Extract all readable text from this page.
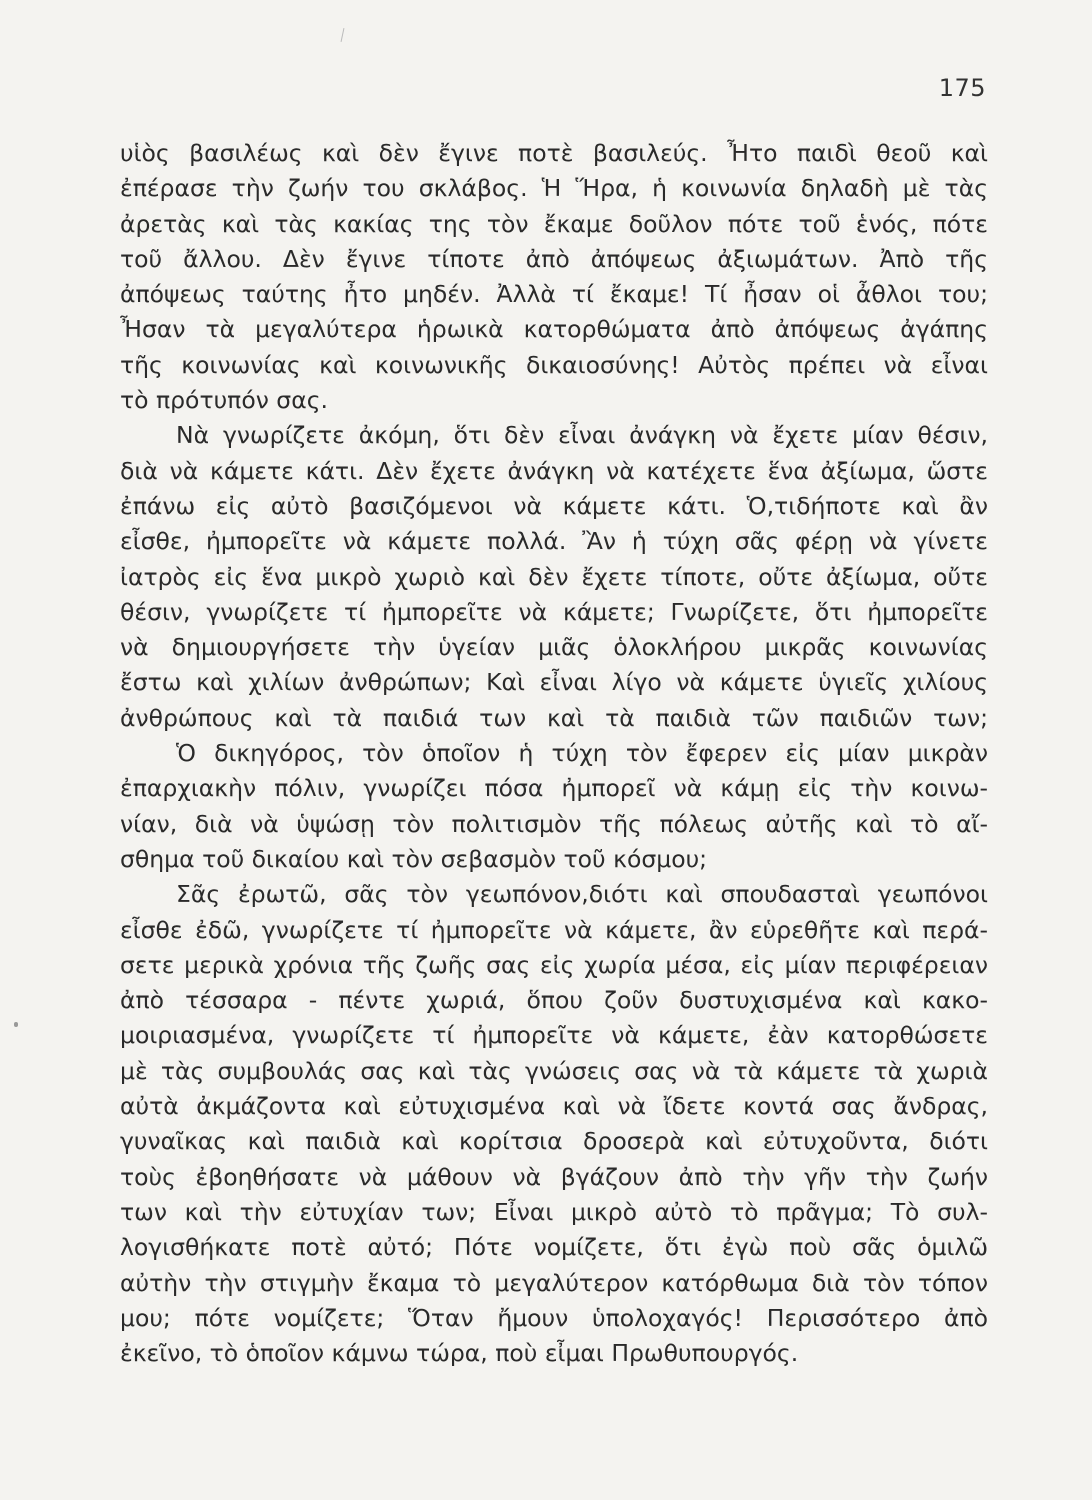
175
υἱὸς βασιλέως καὶ δὲν ἔγινε ποτὲ βασιλεύς. Ἦτο παιδὶ θεοῦ καὶ
ἐπέρασε τὴν ζωήν του σκλάβος. Ἡ Ἥρα, ἡ κοινωνία δηλαδὴ μὲ τὰς
ἀρετὰς καὶ τὰς κακίας της τὸν ἔκαμε δοῦλον πότε τοῦ ἑνός, πότε
τοῦ ἄλλου. Δὲν ἔγινε τίποτε ἀπὸ ἀπόψεως ἀξιωμάτων. Ἀπὸ τῆς
ἀπόψεως ταύτης ἦτο μηδέν. Ἀλλὰ τί ἔκαμε! Τί ἦσαν οἱ ἆθλοι του;
Ἦσαν τὰ μεγαλύτερα ἡρωικὰ κατορθώματα ἀπὸ ἀπόψεως ἀγάπης
τῆς κοινωνίας καὶ κοινωνικῆς δικαιοσύνης! Αὐτὸς πρέπει νὰ εἶναι
τὸ πρότυπόν σας.
Νὰ γνωρίζετε ἀκόμη, ὅτι δὲν εἶναι ἀνάγκη νὰ ἔχετε μίαν θέσιν,
διὰ νὰ κάμετε κάτι. Δὲν ἔχετε ἀνάγκη νὰ κατέχετε ἕνα ἀξίωμα, ὥστε
ἐπάνω εἰς αὐτὸ βασιζόμενοι νὰ κάμετε κάτι. Ὁ,τιδήποτε καὶ ἂν
εἶσθε, ἠμπορεῖτε νὰ κάμετε πολλά. Ἂν ἡ τύχη σᾶς φέρῃ νὰ γίνετε
ἰατρὸς εἰς ἕνα μικρὸ χωριὸ καὶ δὲν ἔχετε τίποτε, οὔτε ἀξίωμα, οὔτε
θέσιν, γνωρίζετε τί ἠμπορεῖτε νὰ κάμετε; Γνωρίζετε, ὅτι ἠμπορεῖτε
νὰ δημιουργήσετε τὴν ὑγείαν μιᾶς ὁλοκλήρου μικρᾶς κοινωνίας
ἔστω καὶ χιλίων ἀνθρώπων; Καὶ εἶναι λίγο νὰ κάμετε ὑγιεῖς χιλίους
ἀνθρώπους καὶ τὰ παιδιά των καὶ τὰ παιδιὰ τῶν παιδιῶν των;
Ὁ δικηγόρος, τὸν ὁποῖον ἡ τύχη τὸν ἔφερεν εἰς μίαν μικρὰν
ἐπαρχιακὴν πόλιν, γνωρίζει πόσα ἠμπορεῖ νὰ κάμῃ εἰς τὴν κοινω-
νίαν, διὰ νὰ ὑψώσῃ τὸν πολιτισμὸν τῆς πόλεως αὐτῆς καὶ τὸ αἴ-
σθημα τοῦ δικαίου καὶ τὸν σεβασμὸν τοῦ κόσμου;
Σᾶς ἐρωτῶ, σᾶς τὸν γεωπόνον,διότι καὶ σπουδασταὶ γεωπόνοι
εἶσθε ἐδῶ, γνωρίζετε τί ἠμπορεῖτε νὰ κάμετε, ἂν εὑρεθῆτε καὶ περά-
σετε μερικὰ χρόνια τῆς ζωῆς σας εἰς χωρία μέσα, εἰς μίαν περιφέρειαν
ἀπὸ τέσσαρα - πέντε χωριά, ὅπου ζοῦν δυστυχισμένα καὶ κακο-
μοιριασμένα, γνωρίζετε τί ἠμπορεῖτε νὰ κάμετε, ἐὰν κατορθώσετε
μὲ τὰς συμβουλάς σας καὶ τὰς γνώσεις σας νὰ τὰ κάμετε τὰ χωριὰ
αὐτὰ ἀκμάζοντα καὶ εὐτυχισμένα καὶ νὰ ἴδετε κοντά σας ἄνδρας,
γυναῖκας καὶ παιδιὰ καὶ κορίτσια δροσερὰ καὶ εὐτυχοῦντα, διότι
τοὺς ἐβοηθήσατε νὰ μάθουν νὰ βγάζουν ἀπὸ τὴν γῆν τὴν ζωήν
των καὶ τὴν εὐτυχίαν των; Εἶναι μικρὸ αὐτὸ τὸ πρᾶγμα; Τὸ συλ-
λογισθήκατε ποτὲ αὐτό; Πότε νομίζετε, ὅτι ἐγὼ ποὺ σᾶς ὁμιλῶ
αὐτὴν τὴν στιγμὴν ἔκαμα τὸ μεγαλύτερον κατόρθωμα διὰ τὸν τόπον
μου; πότε νομίζετε; Ὅταν ἤμουν ὑπολοχαγός! Περισσότερο ἀπὸ
ἐκεῖνο, τὸ ὁποῖον κάμνω τώρα, ποὺ εἶμαι Πρωθυπουργός.
